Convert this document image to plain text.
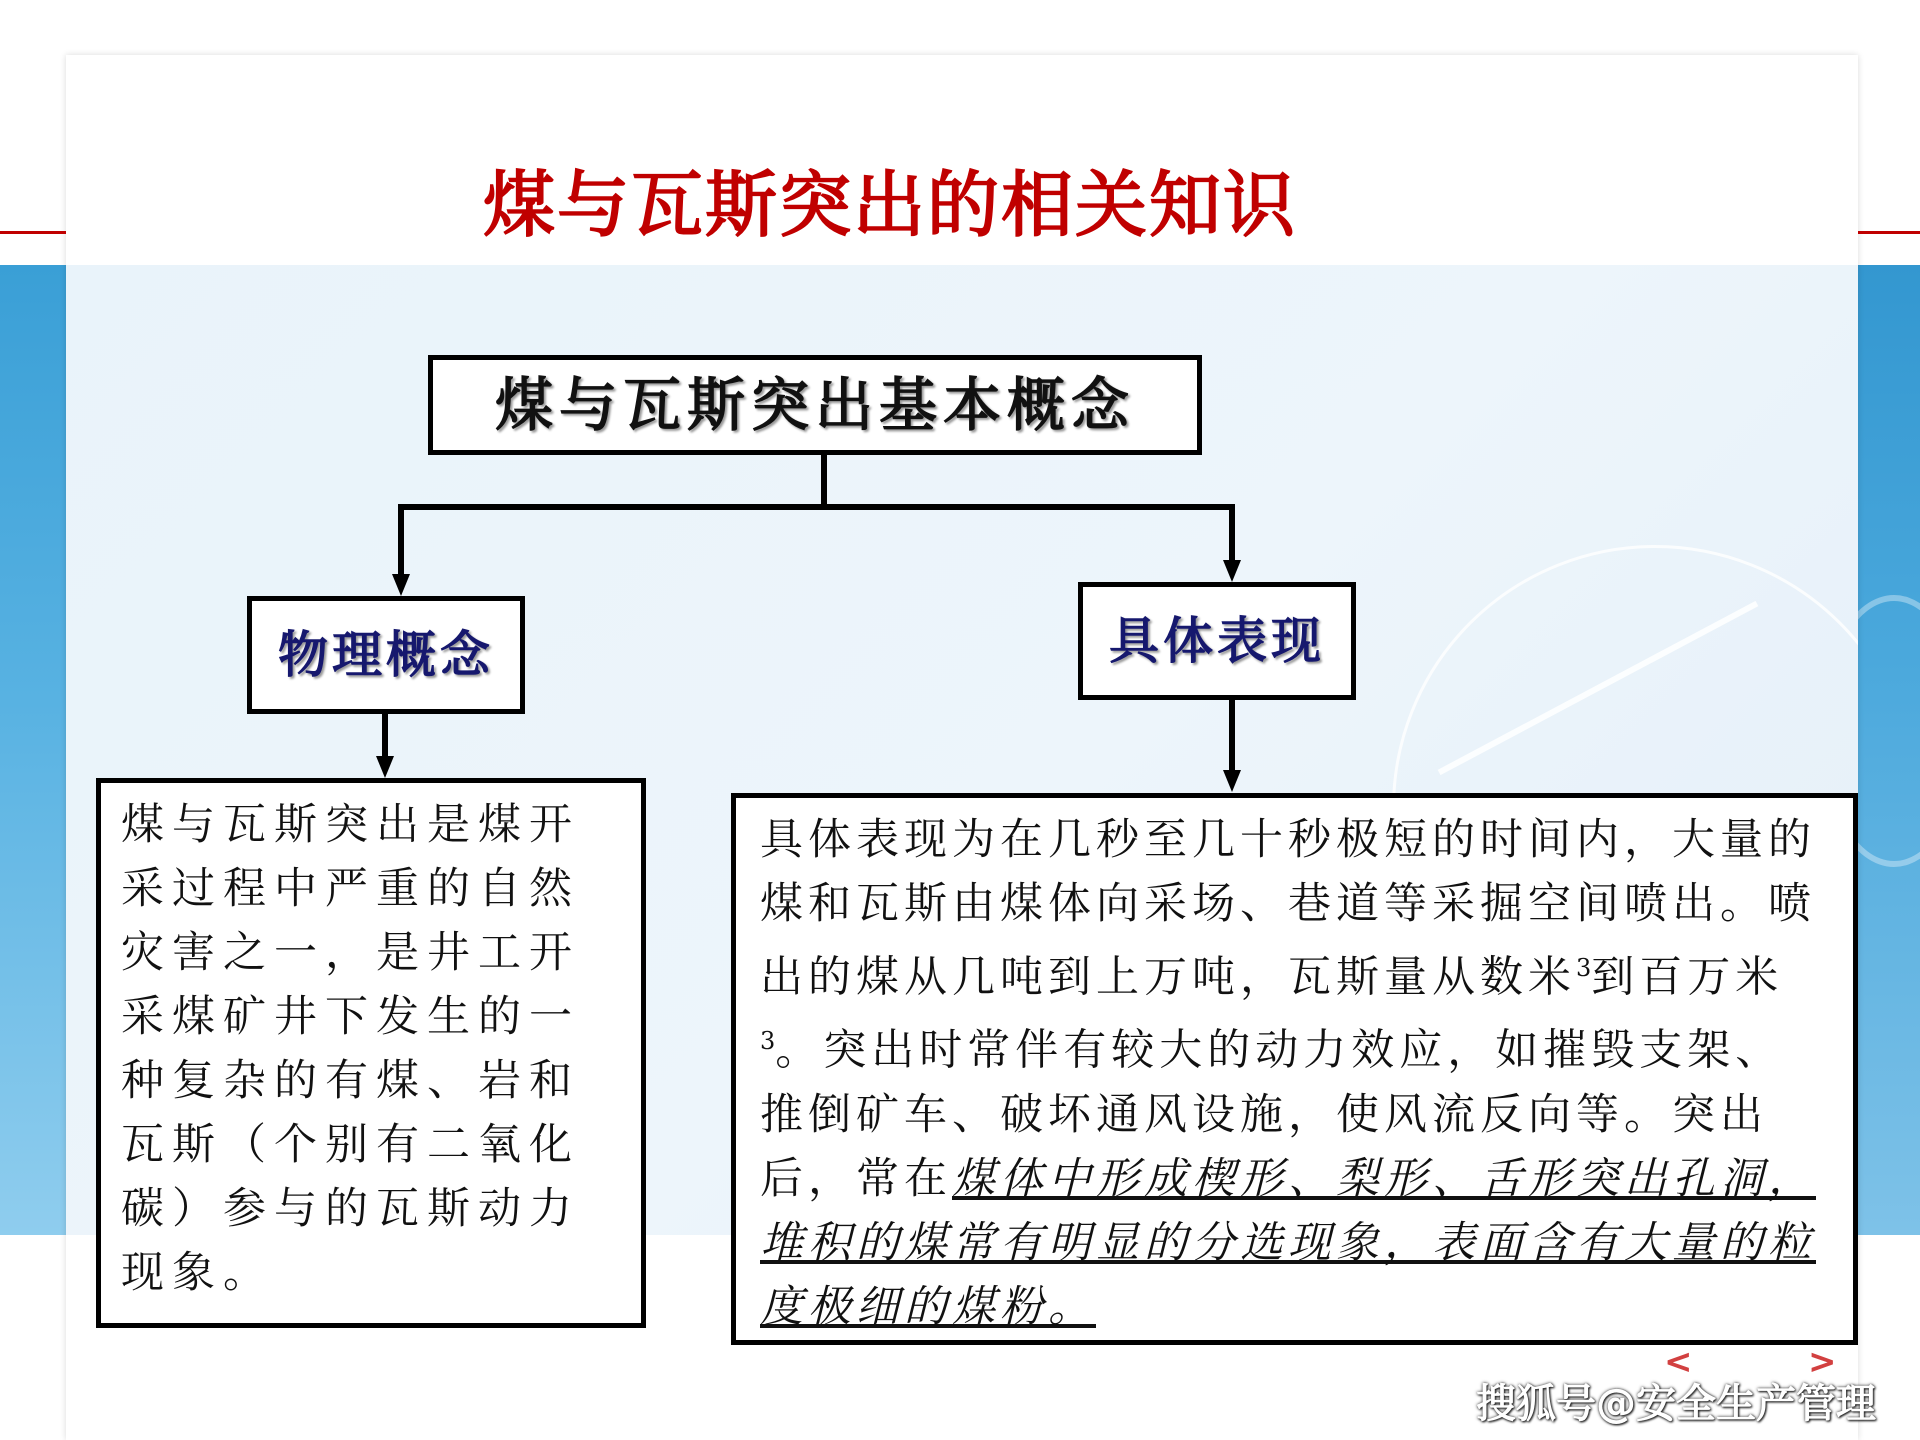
煤与瓦斯突出的相关知识
煤与瓦斯突出基本概念
物理概念	具体表现
煤与瓦斯突出是煤开采过程中严重的自然灾害之一，是井工开采煤矿井下发生的一种复杂的有煤、岩和瓦斯（个别有二氧化碳）参与的瓦斯动力现象。
具体表现为在几秒至几十秒极短的时间内，大量的煤和瓦斯由煤体向采场、巷道等采掘空间喷出。喷出的煤从几吨到上万吨，瓦斯量从数米$^3$到百万米$^3$。突出时常伴有较大的动力效应，如摧毁支架、推倒矿车、破坏通风设施，使风流反向等。突出后，常在煤体中形成楔形、梨形、舌形突出孔洞，堆积的煤常有明显的分选现象，表面含有大量的粒度极细的煤粉。
<	>
搜狐号@安全生产管理
